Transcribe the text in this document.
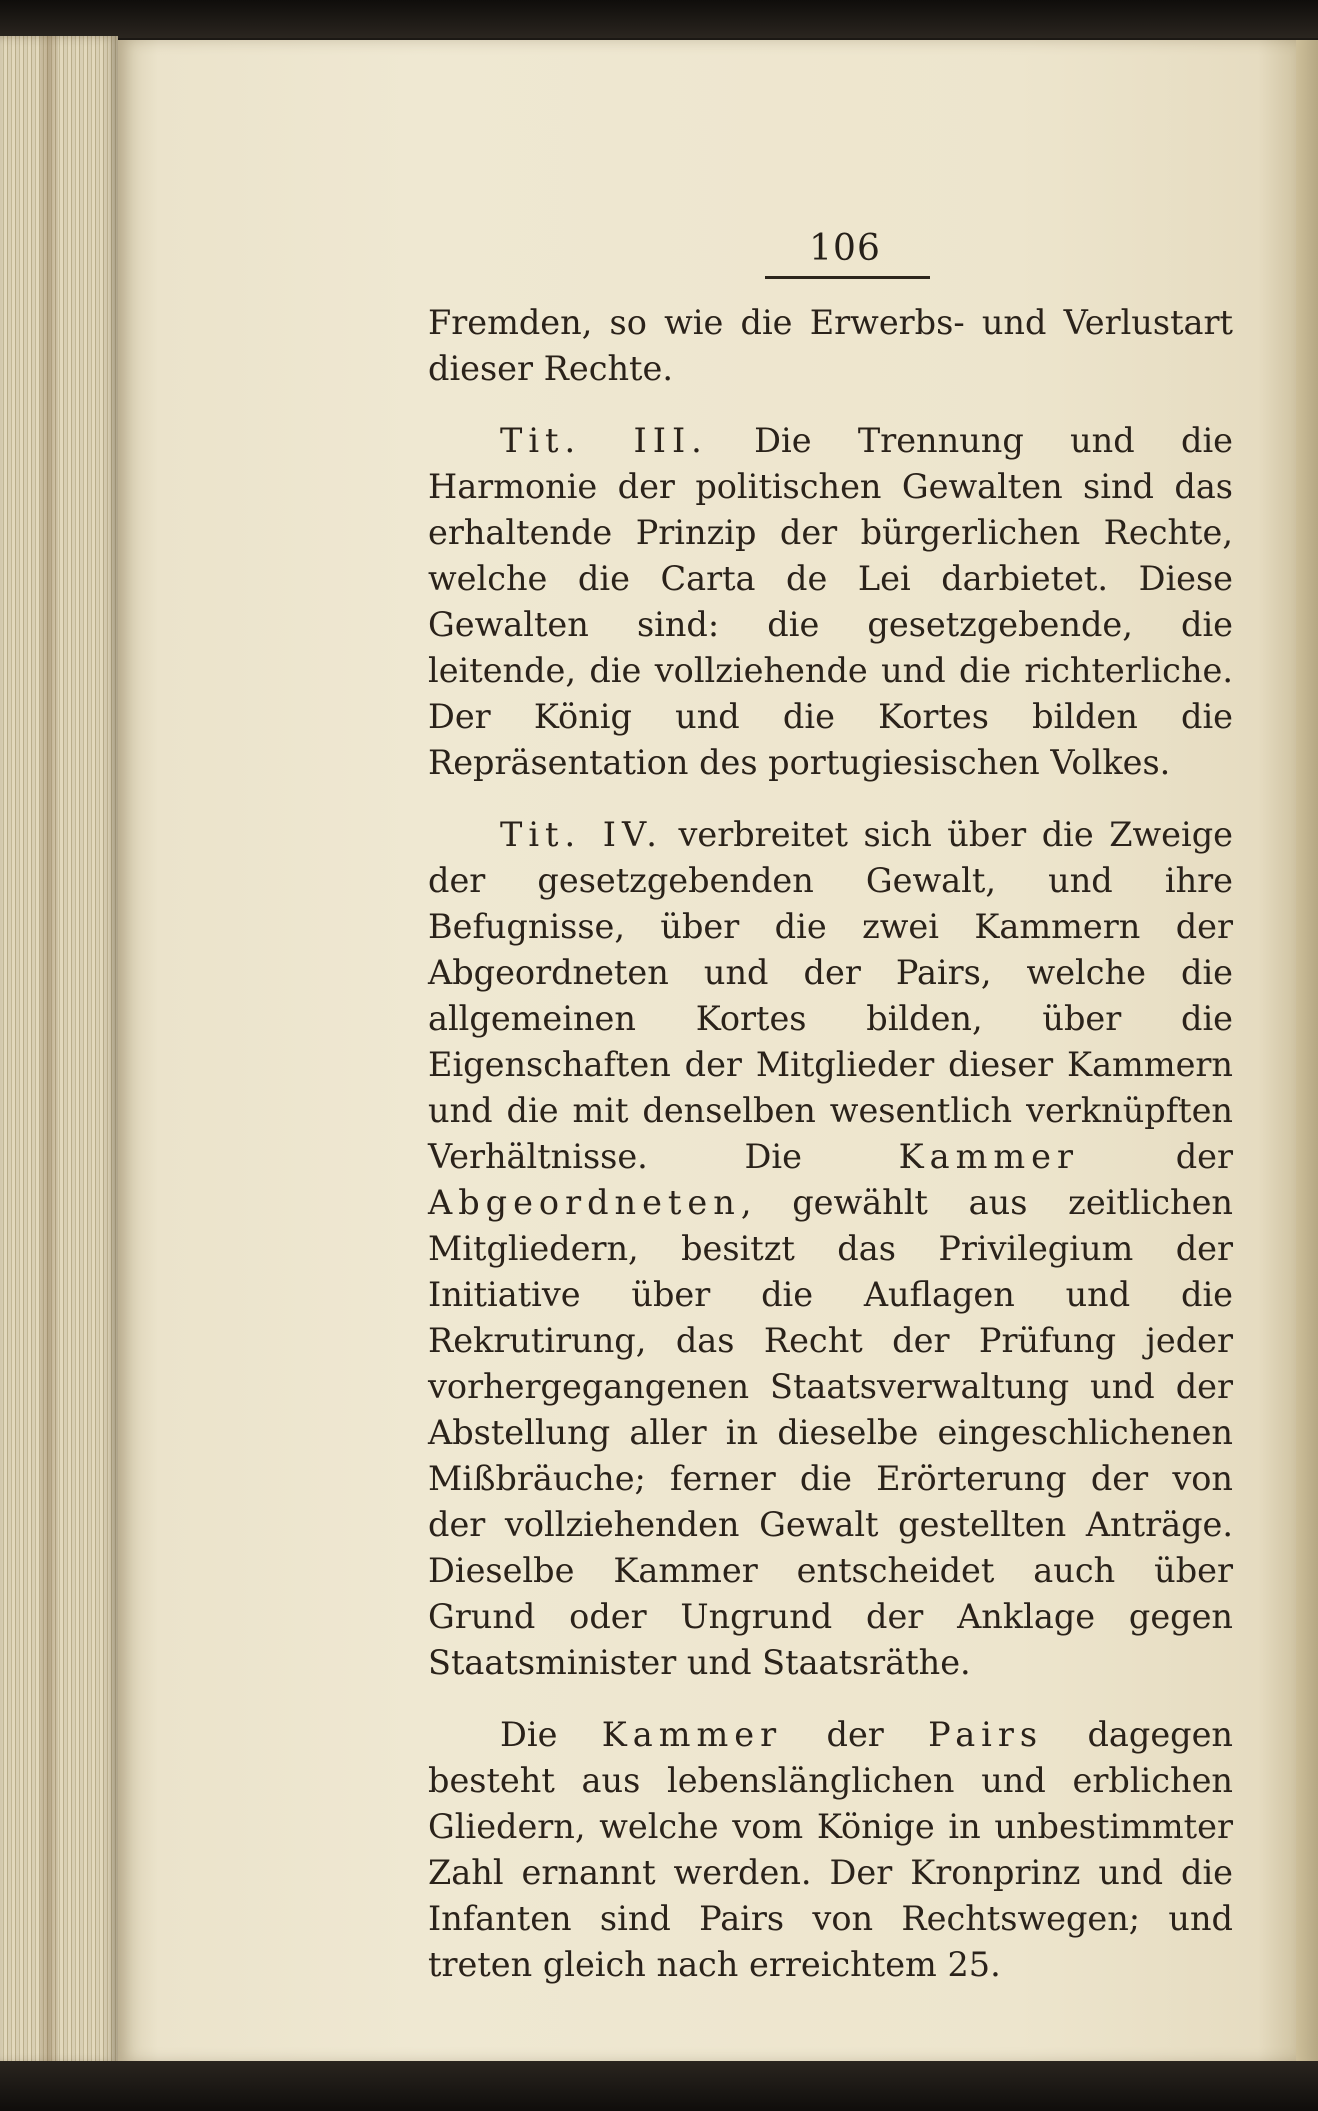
106

Fremden, so wie die Erwerbs- und Verlustart dieser Rechte.

Tit. III. Die Trennung und die Harmonie der politischen Gewalten sind das erhaltende Prinzip der bürgerlichen Rechte, welche die Carta de Lei darbietet. Diese Gewalten sind: die gesetzgebende, die leitende, die vollziehende und die richterliche. Der König und die Kortes bilden die Repräsentation des portugiesischen Volkes.

Tit. IV. verbreitet sich über die Zweige der gesetzgebenden Gewalt, und ihre Befugnisse, über die zwei Kammern der Abgeordneten und der Pairs, welche die allgemeinen Kortes bilden, über die Eigenschaften der Mitglieder dieser Kammern und die mit denselben wesentlich verknüpften Verhältnisse. Die Kammer der Abgeordneten, gewählt aus zeitlichen Mitgliedern, besitzt das Privilegium der Initiative über die Auflagen und die Rekrutirung, das Recht der Prüfung jeder vorhergegangenen Staatsverwaltung und der Abstellung aller in dieselbe eingeschlichenen Mißbräuche; ferner die Erörterung der von der vollziehenden Gewalt gestellten Anträge. Dieselbe Kammer entscheidet auch über Grund oder Ungrund der Anklage gegen Staatsminister und Staatsräthe.

Die Kammer der Pairs dagegen besteht aus lebenslänglichen und erblichen Gliedern, welche vom Könige in unbestimmter Zahl ernannt werden. Der Kronprinz und die Infanten sind Pairs von Rechtswegen; und treten gleich nach erreichtem 25.
